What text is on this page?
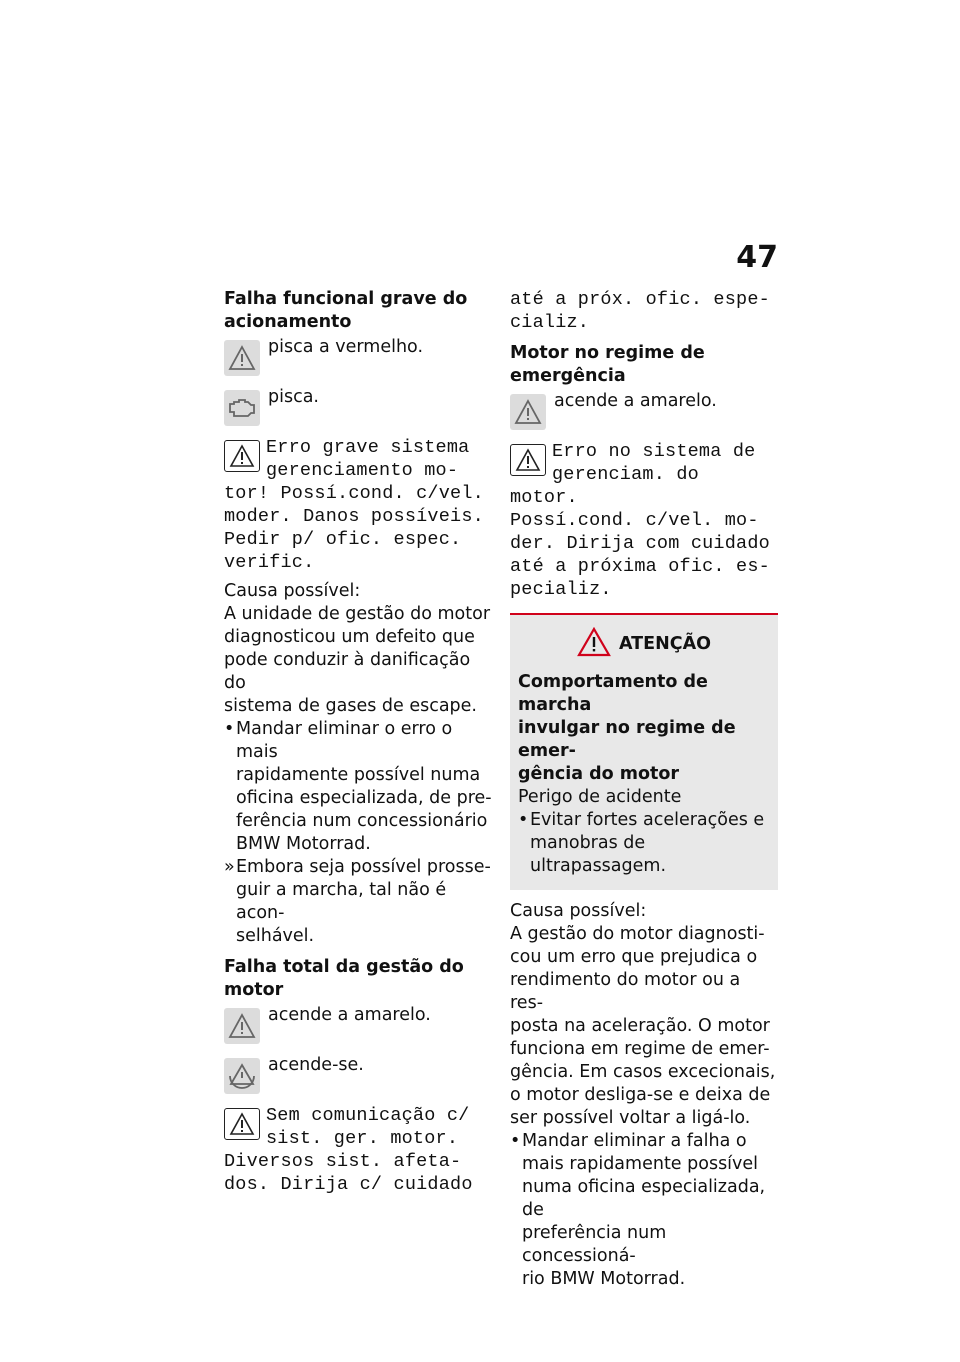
47

Falha funcional grave do acionamento
pisca a vermelho.
pisca.

Erro grave sistema

gerenciamento mo-

tor! Possí.cond. c/vel.

moder. Danos possíveis.

Pedir p/ ofic. espec.

verific.

Causa possível:

A unidade de gestão do motor

diagnosticou um defeito que

pode conduzir à danificação do

sistema de gases de escape.

• Mandar eliminar o erro o mais
rapidamente possível numa
oficina especializada, de pre-
ferência num concessionário
BMW Motorrad.
» Embora seja possível prosse-
guir a marcha, tal não é acon-
selhável.
Falha total da gestão do motor
acende a amarelo.
acende-se.

Sem comunicação c/

sist. ger. motor.

Diversos sist. afeta-

dos. Dirija c/ cuidado

até a próx. ofic. espe-

cializ.

Motor no regime de emergência
acende a amarelo.

Erro no sistema de

gerenciam. do motor.

Possí.cond. c/vel. mo-

der. Dirija com cuidado

até a próxima ofic. es-

pecializ.

ATENÇÃO

Comportamento de marcha

invulgar no regime de emer-

gência do motor

Perigo de acidente

• Evitar fortes acelerações e
manobras de ultrapassagem.

Causa possível:

A gestão do motor diagnosti-

cou um erro que prejudica o

rendimento do motor ou a res-

posta na aceleração. O motor

funciona em regime de emer-

gência. Em casos excecionais,

o motor desliga-se e deixa de

ser possível voltar a ligá-lo.

• Mandar eliminar a falha o
mais rapidamente possível
numa oficina especializada, de
preferência num concessioná-
rio BMW Motorrad.
